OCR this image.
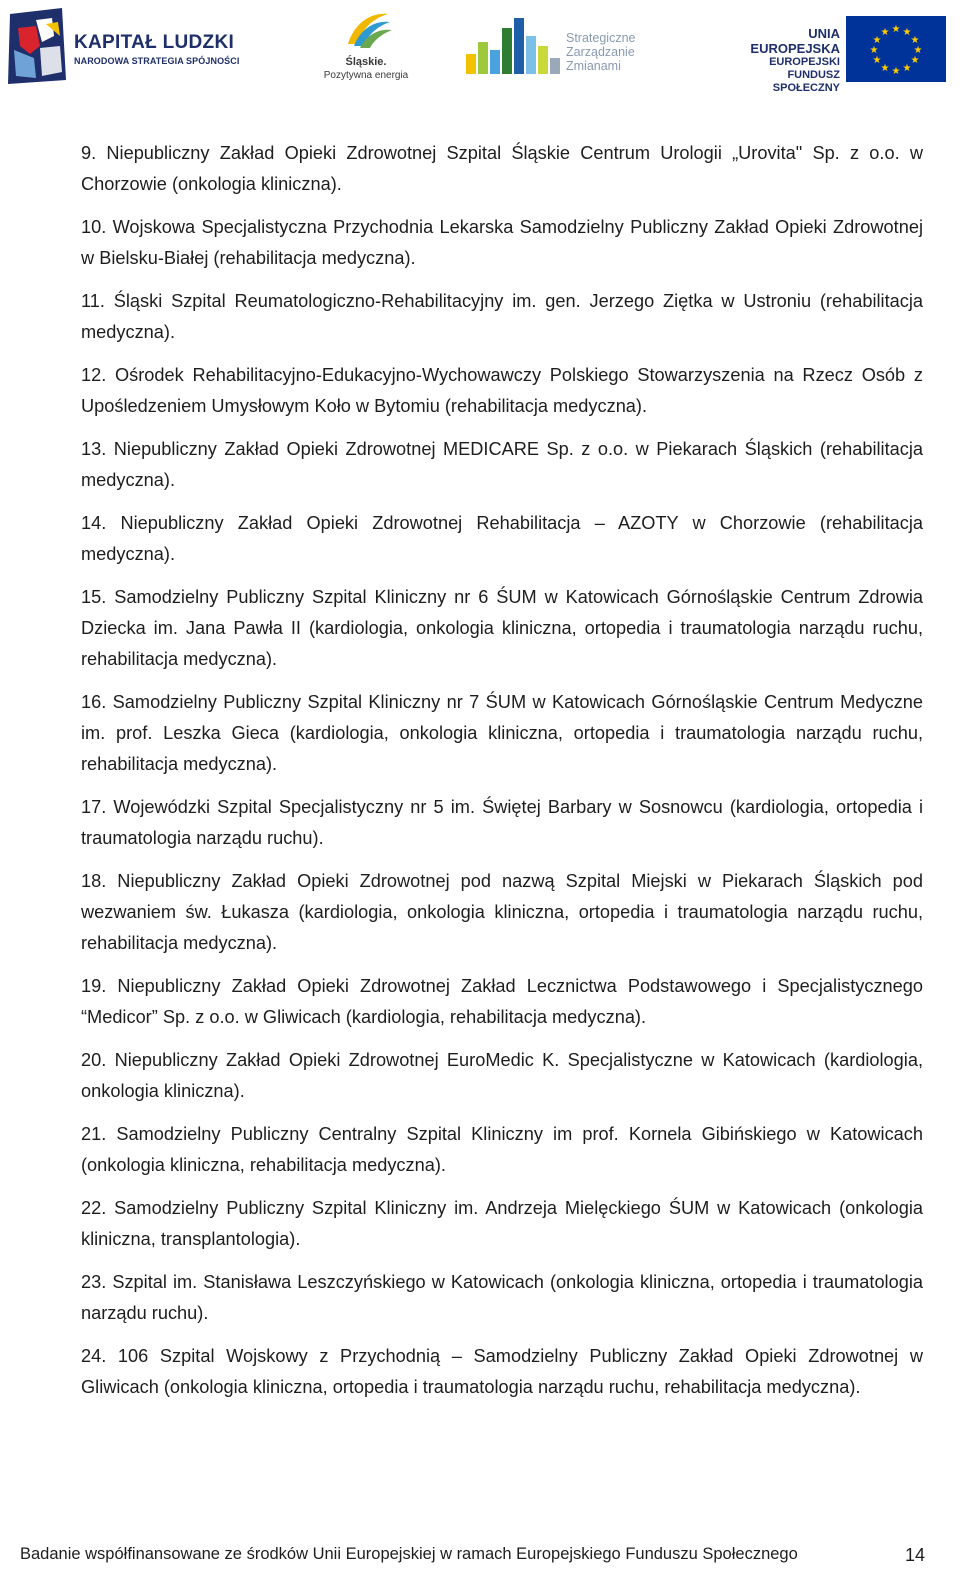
KAPITAŁ LUDZKI
NARODOWA STRATEGIA SPÓJNOŚCI	Śląskie.
Pozytywna energia
Strategiczne
Zarządzanie
Zmianami
UNIA EUROPEJSKA
EUROPEJSKI
FUNDUSZ SPOŁECZNY
★ ★
★
★
★
★
★
★
★
★
★
★

9. Niepubliczny Zakład Opieki Zdrowotnej Szpital Śląskie Centrum Urologii „Urovita" Sp. z o.o. w Chorzowie (onkologia kliniczna).

10. Wojskowa Specjalistyczna Przychodnia Lekarska Samodzielny Publiczny Zakład Opieki Zdrowotnej w Bielsku-Białej (rehabilitacja medyczna).

11. Śląski Szpital Reumatologiczno-Rehabilitacyjny im. gen. Jerzego Ziętka w Ustroniu (rehabilitacja medyczna).

12. Ośrodek Rehabilitacyjno-Edukacyjno-Wychowawczy Polskiego Stowarzyszenia na Rzecz Osób z Upośledzeniem Umysłowym Koło w Bytomiu (rehabilitacja medyczna).

13. Niepubliczny Zakład Opieki Zdrowotnej MEDICARE Sp. z o.o. w Piekarach Śląskich (rehabilitacja medyczna).

14. Niepubliczny Zakład Opieki Zdrowotnej Rehabilitacja – AZOTY w Chorzowie (rehabilitacja medyczna).

15. Samodzielny Publiczny Szpital Kliniczny nr 6 ŚUM w Katowicach Górnośląskie Centrum Zdrowia Dziecka im. Jana Pawła II (kardiologia, onkologia kliniczna, ortopedia i traumatologia narządu ruchu, rehabilitacja medyczna).

16. Samodzielny Publiczny Szpital Kliniczny nr 7 ŚUM w Katowicach Górnośląskie Centrum Medyczne im. prof. Leszka Gieca (kardiologia, onkologia kliniczna, ortopedia i traumatologia narządu ruchu, rehabilitacja medyczna).

17. Wojewódzki Szpital Specjalistyczny nr 5 im. Świętej Barbary w Sosnowcu (kardiologia, ortopedia i traumatologia narządu ruchu).

18. Niepubliczny Zakład Opieki Zdrowotnej pod nazwą Szpital Miejski w Piekarach Śląskich pod wezwaniem św. Łukasza (kardiologia, onkologia kliniczna, ortopedia i traumatologia narządu ruchu, rehabilitacja medyczna).

19. Niepubliczny Zakład Opieki Zdrowotnej Zakład Lecznictwa Podstawowego i Specjalistycznego “Medicor” Sp. z o.o. w Gliwicach (kardiologia, rehabilitacja medyczna).

20. Niepubliczny Zakład Opieki Zdrowotnej EuroMedic K. Specjalistyczne w Katowicach (kardiologia, onkologia kliniczna).

21. Samodzielny Publiczny Centralny Szpital Kliniczny im prof. Kornela Gibińskiego w Katowicach (onkologia kliniczna, rehabilitacja medyczna).

22. Samodzielny Publiczny Szpital Kliniczny im. Andrzeja Mielęckiego ŚUM w Katowicach (onkologia kliniczna, transplantologia).

23. Szpital im. Stanisława Leszczyńskiego w Katowicach (onkologia kliniczna, ortopedia i traumatologia narządu ruchu).

24. 106 Szpital Wojskowy z Przychodnią – Samodzielny Publiczny Zakład Opieki Zdrowotnej w Gliwicach (onkologia kliniczna, ortopedia i traumatologia narządu ruchu, rehabilitacja medyczna).

Badanie współfinansowane ze środków Unii Europejskiej w ramach Europejskiego Funduszu Społecznego	14
